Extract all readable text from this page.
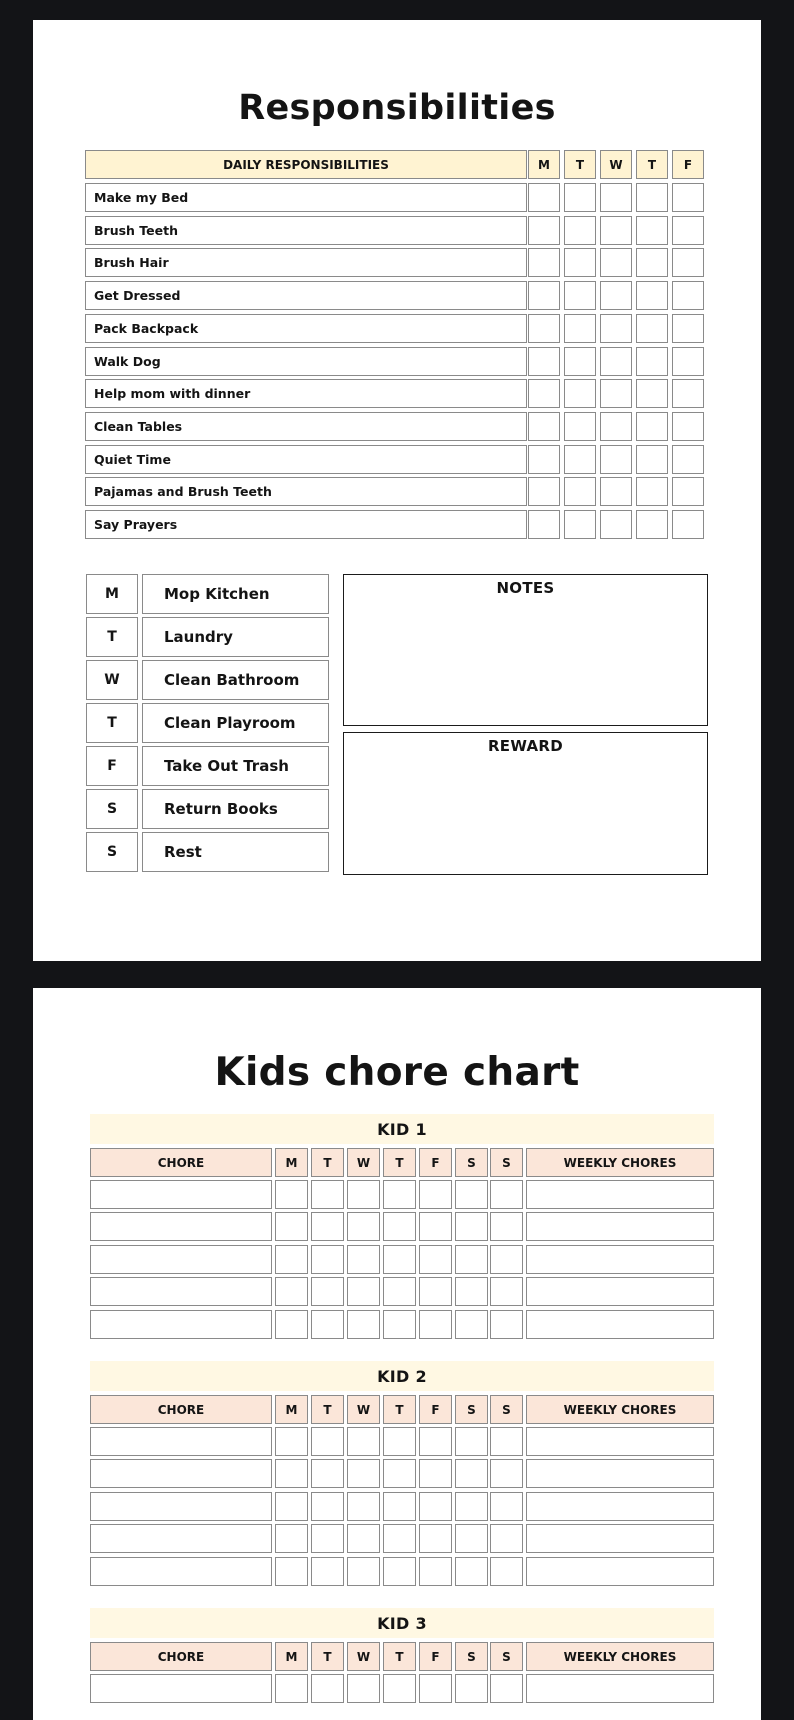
Responsibilities
DAILY RESPONSIBILITIES	M	T	W	T	F
Make my Bed
Brush Teeth
Brush Hair
Get Dressed
Pack Backpack
Walk Dog
Help mom with dinner
Clean Tables
Quiet Time
Pajamas and Brush Teeth
Say Prayers
M	Mop Kitchen
T	Laundry
W	Clean Bathroom
T	Clean Playroom
F	Take Out Trash
S	Return Books
S	Rest
NOTES
REWARD
Kids chore chart
KID 1
CHORE	M	T	W	T	F	S	S	WEEKLY CHORES
KID 2
CHORE	M	T	W	T	F	S	S	WEEKLY CHORES
KID 3
CHORE	M	T	W	T	F	S	S	WEEKLY CHORES
